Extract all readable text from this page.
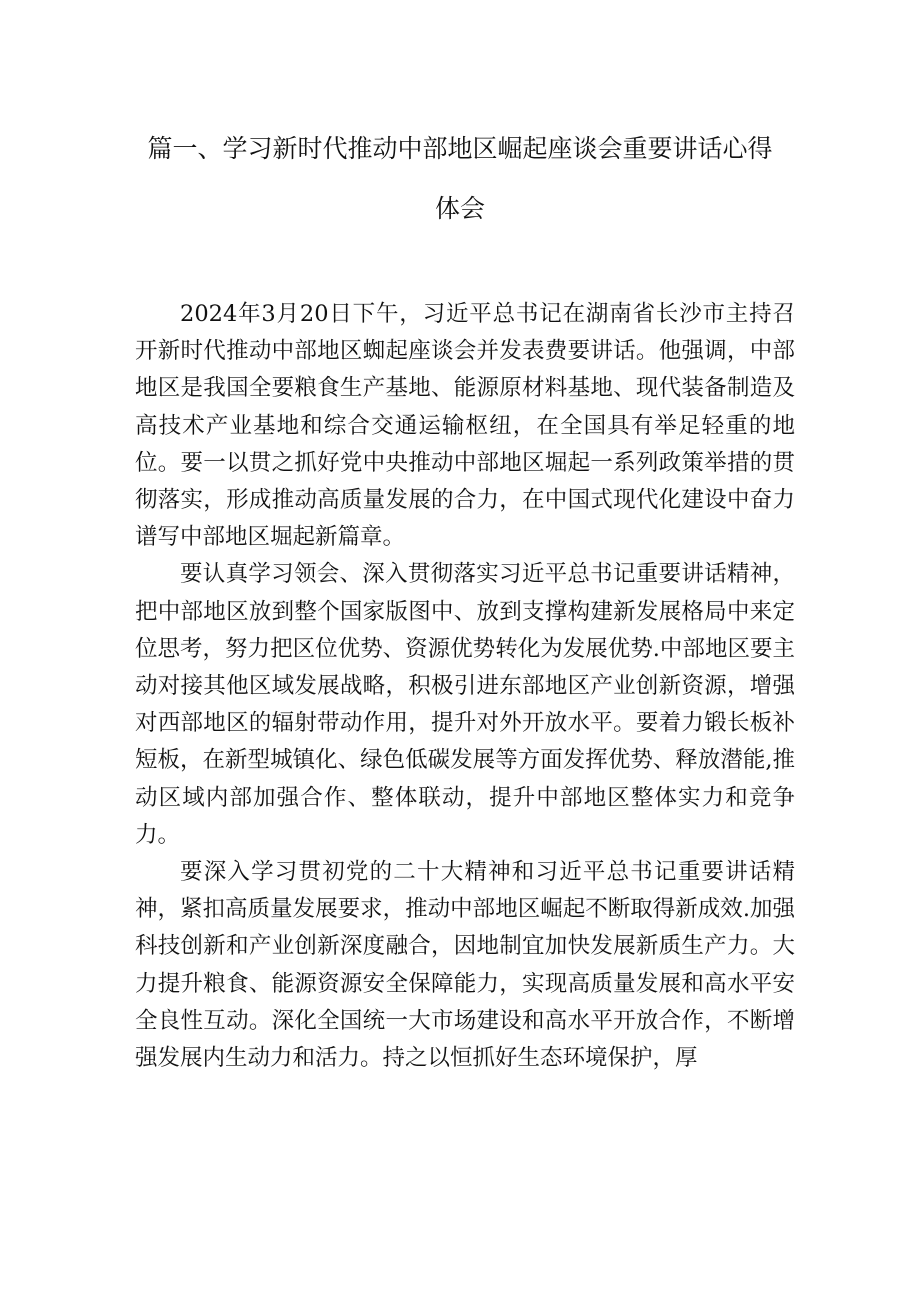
篇一、学习新时代推动中部地区崛起座谈会重要讲话心得
体会

2024年3月20日下午，习近平总书记在湖南省长沙市主持召开新时代推动中部地区蜘起座谈会并发表费要讲话。他强调，中部地区是我国全要粮食生产基地、能源原材料基地、现代装备制造及高技术产业基地和综合交通运输枢纽，在全国具有举足轻重的地位。要一以贯之抓好党中央推动中部地区堀起一系列政策举措的贯彻落实，形成推动高质量发展的合力，在中国式现代化建设中奋力谱写中部地区堀起新篇章。

要认真学习领会、深入贯彻落实习近平总书记重要讲话精神，把中部地区放到整个国家版图中、放到支撑构建新发展格局中来定位思考，努力把区位优势、资源优势转化为发展优势.中部地区要主动对接其他区域发展战略，积极引进东部地区产业创新资源，增强对西部地区的辐射带动作用，提升对外开放水平。要着力锻长板补短板，在新型城镇化、绿色低碳发展等方面发挥优势、释放潜能,推动区域内部加强合作、整体联动，提升中部地区整体实力和竞争力。

要深入学习贯初党的二十大精神和习近平总书记重要讲话精神，紧扣高质量发展要求，推动中部地区崛起不断取得新成效.加强科技创新和产业创新深度融合，因地制宜加快发展新质生产力。大力提升粮食、能源资源安全保障能力，实现高质量发展和高水平安全良性互动。深化全国统一大市场建设和高水平开放合作，不断增强发展内生动力和活力。持之以恒抓好生态环境保护，厚
